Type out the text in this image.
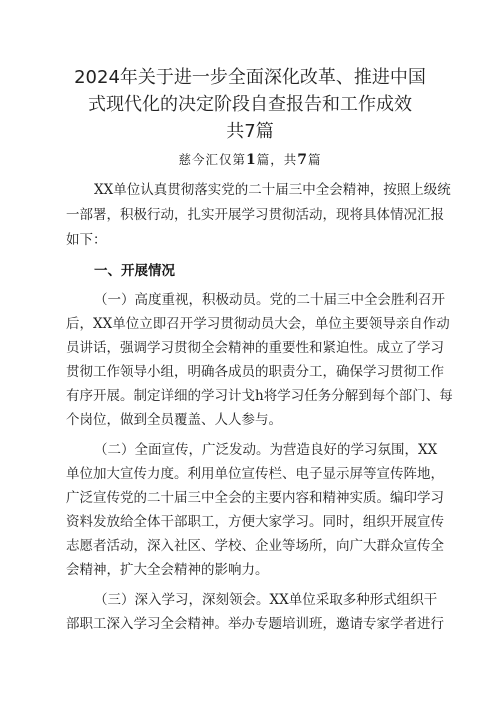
2024年关于进一步全面深化改革、推进中国
式现代化的决定阶段自查报告和工作成效
共7篇
慈今汇仅第1篇，共7篇
XX单位认真贯彻落实党的二十届三中全会精神，按照上级统
一部署，积极行动，扎实开展学习贯彻活动，现将具体情况汇报
如下：
一、开展情况
（一）高度重视，积极动员。党的二十届三中全会胜利召开
后，XX单位立即召开学习贯彻动员大会，单位主要领导亲自作动
员讲话，强调学习贯彻全会精神的重要性和紧迫性。成立了学习
贯彻工作领导小组，明确各成员的职责分工，确保学习贯彻工作
有序开展。制定详细的学习计戈h将学习任务分解到每个部门、每
个岗位，做到全员覆盖、人人参与。
（二）全面宣传，广泛发动。为营造良好的学习氛围，XX
单位加大宣传力度。利用单位宣传栏、电子显示屏等宣传阵地，
广泛宣传党的二十届三中全会的主要内容和精神实质。编印学习
资料发放给全体干部职工，方便大家学习。同时，组织开展宣传
志愿者活动，深入社区、学校、企业等场所，向广大群众宣传全
会精神，扩大全会精神的影响力。
（三）深入学习，深刻领会。XX单位采取多种形式组织干
部职工深入学习全会精神。举办专题培训班，邀请专家学者进行
